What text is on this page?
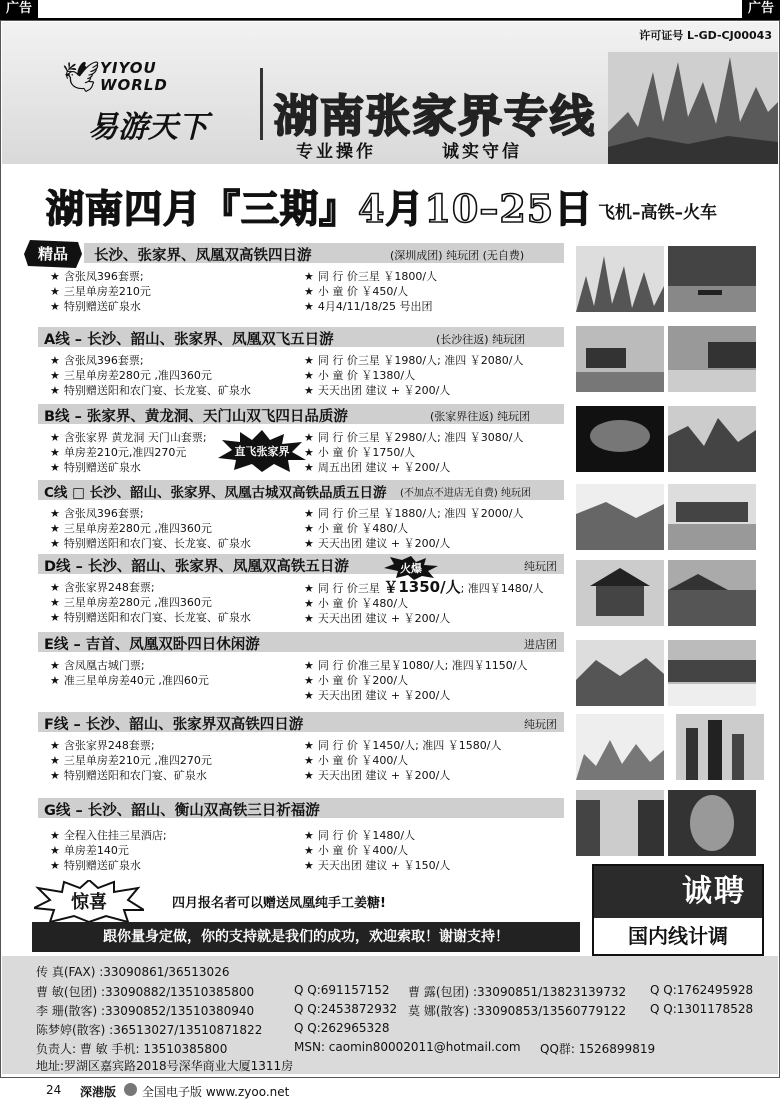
广告	广告
许可证号 L-GD-CJ00043
🕊 YIYOU
WORLD
易游天下 湖南张家界专线
专业操作	诚实守信
湖南四月『三期』4月10–25日 飞机–高铁–火车
精品	长沙、张家界、凤凰双高铁四日游	(深圳成团) 纯玩团 (无自费)
★ 含张凤396套票;
★ 三星单房差210元
★ 特别赠送矿泉水
★ 同 行 价三星 ￥1800/人
★ 小 童 价 ￥450/人
★ 4月4/11/18/25 号出团
A线 – 长沙、韶山、张家界、凤凰双飞五日游	(长沙往返) 纯玩团
★ 含张凤396套票;
★ 三星单房差280元 ,准四360元
★ 特别赠送阳和农门宴、长龙宴、矿泉水
★ 同 行 价三星 ￥1980/人; 准四 ￥2080/人
★ 小 童 价 ￥1380/人
★ 天天出团 建议 + ￥200/人
B线 – 张家界、黄龙洞、天门山双飞四日品质游	(张家界往返) 纯玩团
★ 含张家界 黄龙洞 天门山套票;
★ 单房差210元,准四270元
★ 特别赠送矿泉水
★ 同 行 价三星 ￥2980/人; 准四 ￥3080/人
★ 小 童 价 ￥1750/人
★ 周五出团 建议 + ￥200/人
直飞张家界
C线 □ 长沙、韶山、张家界、凤凰古城双高铁品质五日游 (不加点不进店无自费) 纯玩团
★ 含张凤396套票;
★ 三星单房差280元 ,准四360元
★ 特别赠送阳和农门宴、长龙宴、矿泉水
★ 同 行 价三星 ￥1880/人; 准四 ￥2000/人
★ 小 童 价 ￥480/人
★ 天天出团 建议 + ￥200/人
D线 – 长沙、韶山、张家界、凤凰双高铁五日游	纯玩团
★ 含张家界248套票;
★ 三星单房差280元 ,准四360元
★ 特别赠送阳和农门宴、长龙宴、矿泉水
★ 同 行 价三星 ￥1350/人; 准四￥1480/人
★ 小 童 价 ￥480/人
★ 天天出团 建议 + ￥200/人
火爆
E线 – 吉首、凤凰双卧四日休闲游	进店团
★ 含凤凰古城门票;
★ 准三星单房差40元 ,准四60元
★ 同 行 价准三星￥1080/人; 准四￥1150/人
★ 小 童 价 ￥200/人
★ 天天出团 建议 + ￥200/人
F线 – 长沙、韶山、张家界双高铁四日游	纯玩团
★ 含张家界248套票;
★ 三星单房差210元 ,准四270元
★ 特别赠送阳和农门宴、矿泉水
★ 同 行 价 ￥1450/人; 准四 ￥1580/人
★ 小 童 价 ￥400/人
★ 天天出团 建议 + ￥200/人
G线 – 长沙、韶山、衡山双高铁三日祈福游
★ 全程入住挂三星酒店;
★ 单房差140元
★ 特别赠送矿泉水
★ 同 行 价 ￥1480/人
★ 小 童 价 ￥400/人
★ 天天出团 建议 + ￥150/人
惊喜	四月报名者可以赠送凤凰纯手工姜糖!
跟你量身定做，你的支持就是我们的成功，欢迎索取！谢谢支持！
诚聘
国内线计调
传 真(FAX) :33090861/36513026
曹 敏(包团) :33090882/13510385800	Q Q:691157152 曹 露(包团) :33090851/13823139732 Q Q:1762495928
李 珊(散客) :33090852/13510380940	Q Q:2453872932 莫 娜(散客) :33090853/13560779122 Q Q:1301178528
陈梦婷(散客) :36513027/13510871822	Q Q:262965328
负责人: 曹 敏 手机: 13510385800	MSN: caomin80002011@hotmail.com QQ群: 1526899819
地址:罗湖区嘉宾路2018号深华商业大厦1311房
24 深港版 全国电子版 www.zyoo.net
